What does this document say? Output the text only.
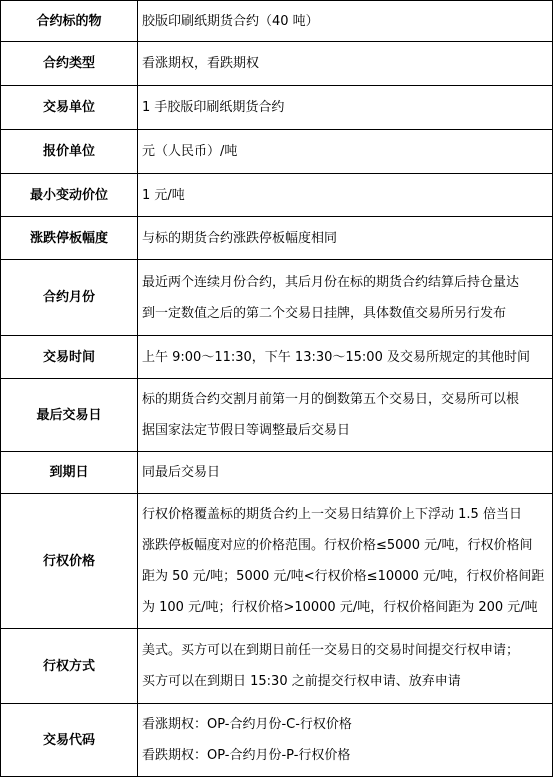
合约标的物	胶版印刷纸期货合约（40 吨）

合约类型	看涨期权，看跌期权

交易单位	1 手胶版印刷纸期货合约

报价单位	元（人民币）/吨

最小变动价位	1 元/吨

涨跌停板幅度	与标的期货合约涨跌停板幅度相同

合约月份	最近两个连续月份合约，其后月份在标的期货合约结算后持仓量达
到一定数值之后的第二个交易日挂牌，具体数值交易所另行发布

交易时间	上午 9:00～11:30，下午 13:30～15:00 及交易所规定的其他时间

最后交易日	标的期货合约交割月前第一月的倒数第五个交易日，交易所可以根
据国家法定节假日等调整最后交易日

到期日	同最后交易日

行权价格	行权价格覆盖标的期货合约上一交易日结算价上下浮动 1.5 倍当日
涨跌停板幅度对应的价格范围。行权价格≤5000 元/吨，行权价格间
距为 50 元/吨；5000 元/吨<行权价格≤10000 元/吨，行权价格间距
为 100 元/吨；行权价格>10000 元/吨，行权价格间距为 200 元/吨

行权方式	美式。买方可以在到期日前任一交易日的交易时间提交行权申请；
买方可以在到期日 15:30 之前提交行权申请、放弃申请

交易代码	看涨期权：OP-合约月份-C-行权价格
看跌期权：OP-合约月份-P-行权价格
